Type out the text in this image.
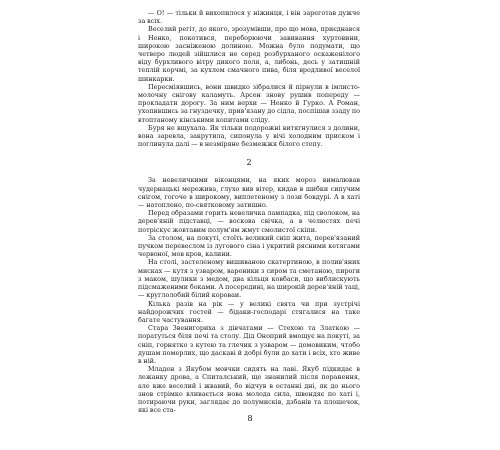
— О! — тільки й вихопилося у ніжинця, і він зареготав дужче за всіх.

Веселий регіт, до якого, зрозумівши, про що мова, приєднався і Ненко, покотився, переборюючи завивання хуртовини, широкою засніженою долиною. Можна було подумати, що четверо людей зійшлися не серед розбурханого оскаженілого віду бурхливого вітру дикого поля, а, либонь, десь у затишній теплій корчмі, за кухлем смачного пива, біля вродливої веселої шинкарки.

Пересміявшись, вони швидко зібралися й пірнули в імлисто-молочну снігову каламуть. Арсен знову рушив попереду — прокладати дорогу. За ним верхи — Ненко й Гурко. А Роман, ухопившись за гнуздечку, прив'язану до сідла, поспішав ззаду по втоптаному кінськими копитами сліду.

Буря не вщухала. Як тільки подорожні витягнулися з долини, вона заревла, закрутила, сипонула у вічі холодним приском і поглинула далі — в незміряне безмежжя білого степу.

2

За невеличкими віконцями, на яких мороз вималював чудернацькі мережива, глухо вив вітер, кидав в шибки сипучим снігом, гогоче в широкому, виплетеному з лози бовдурі. А в хаті — натоплено, по-святковому затишно.

Перед образами горить невеличка лампадка, під сволоком, на дерев'яній підставці, — воскова свічка, а в челюстях печі потріскує жовтавим полум'ям жмут смолистої скіпи.

За столом, на покуті, стоїть великий сніп жита, перев'язаний пучком перевеслом із лугового сіна і укритий рясними кетягами червоної, мов кров, калини.

На столі, застеленому вишиваною скатертиною, в полив'яних мисках — кутя з узваром, вареники з сиром та сметаною, пироги з маком, шулики з медом, два кільця ковбаси, що виблискують підсмаженими боками. А посередині, на широкій дерев'яній таці, — круглолобий білий короваи.

Кілька разів на рік — у великі свята чи при зустрічі найдорожчих гостей — бідаки-господарі стягалися на таке багате частування.

Стара Звенигориха з дівчатами — Стехою та Златкою — поратуться біля печі та столу. Дід Оноприй вмощує на покуті, за сніп, горнятко з кутею та глечик з узваром — домовиким, чтобо душам померлих, що даскаві й добрі були до хати і всіх, хто живе в ній.

Младен з Якубом мовчки сидять на лаві. Якуб підкидає в лежанку дрова, а Спиталський, ще знанилий після поранення, але вже веселий і жвавий, бо відчув в останні дні, як до нього знов стрімко вливається нова молода сила, швендяє по хаті і, потираючи руки, заглядає до полумисків, дзбанів та плошечок, які все ста-

8
